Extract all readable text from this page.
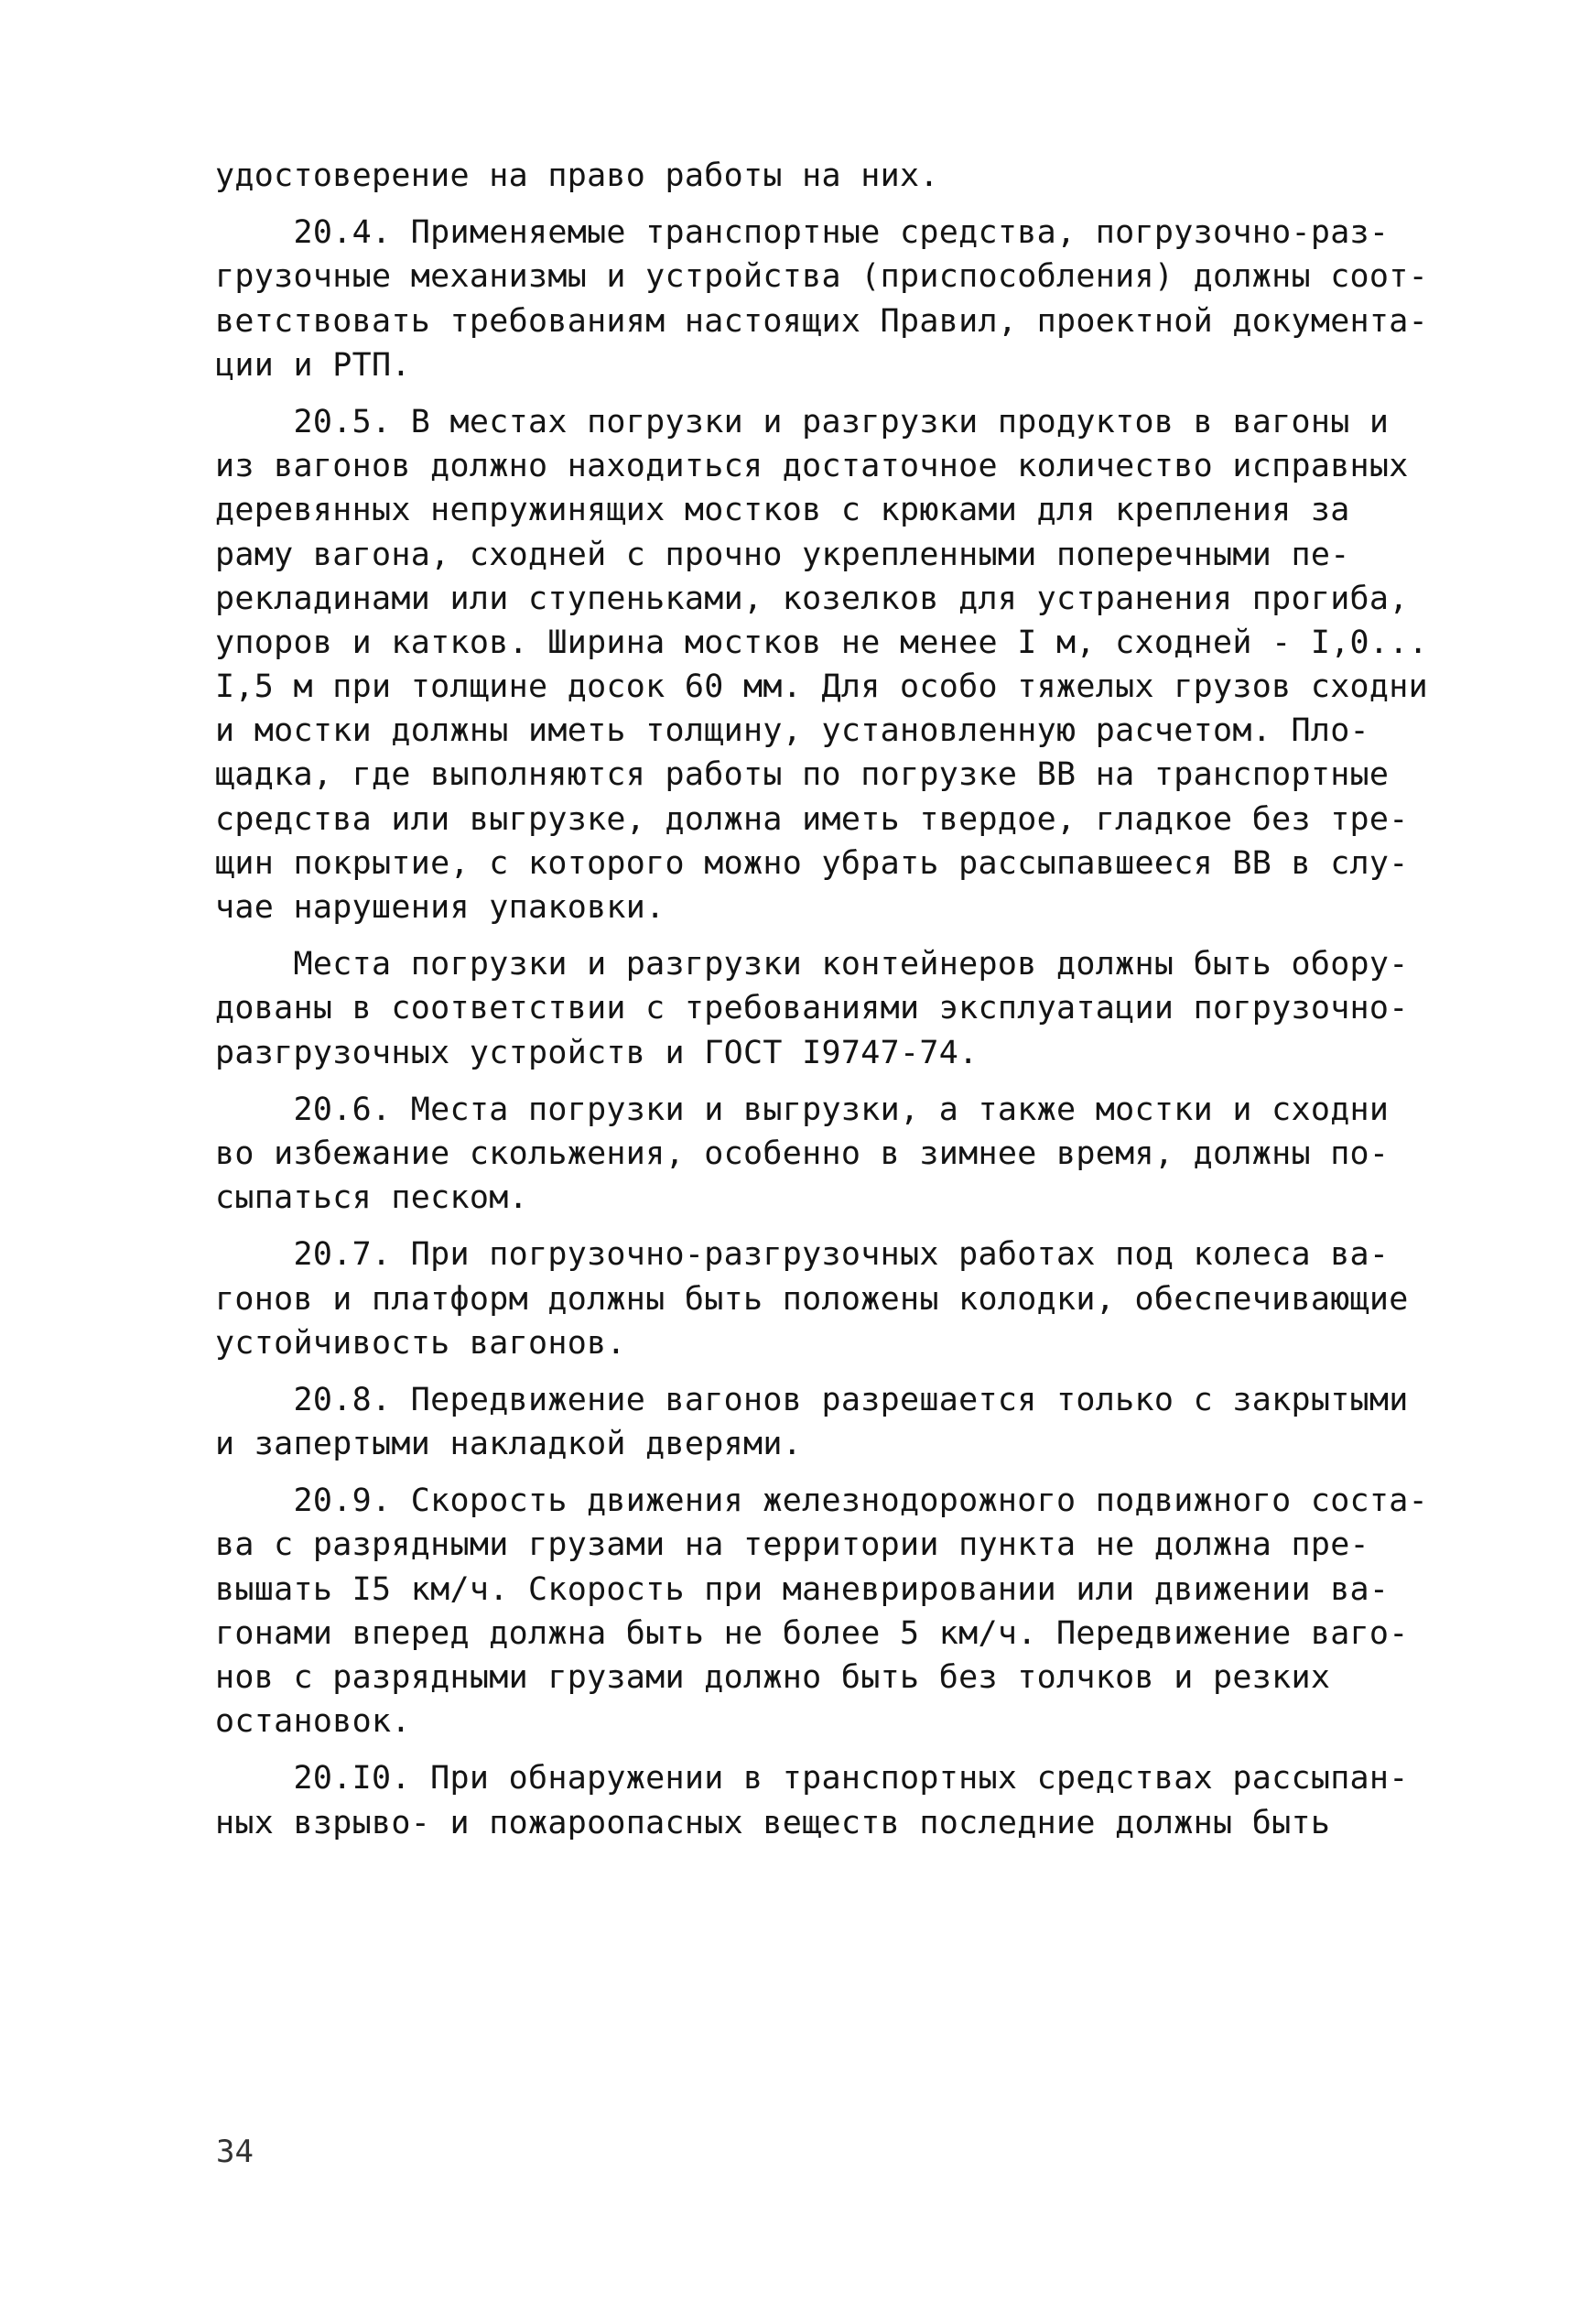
удостоверение на право работы на них.
20.4. Применяемые транспортные средства, погрузочно-раз-
грузочные механизмы и устройства (приспособления) должны соот-
ветствовать требованиям настоящих Правил, проектной документа-
ции и РТП.
20.5. В местах погрузки и разгрузки продуктов в вагоны и
из вагонов должно находиться достаточное количество исправных
деревянных непружинящих мостков с крюками для крепления за
раму вагона, сходней с прочно укрепленными поперечными пе-
рекладинами или ступеньками, козелков для устранения прогиба,
упоров и катков. Ширина мостков не менее I м, сходней - I,0...
I,5 м при толщине досок 60 мм. Для особо тяжелых грузов сходни
и мостки должны иметь толщину, установленную расчетом. Пло-
щадка, где выполняются работы по погрузке ВВ на транспортные
средства или выгрузке, должна иметь твердое, гладкое без тре-
щин покрытие, с которого можно убрать рассыпавшееся ВВ в слу-
чае нарушения упаковки.
Места погрузки и разгрузки контейнеров должны быть обору-
дованы в соответствии с требованиями эксплуатации погрузочно-
разгрузочных устройств и ГОСТ I9747-74.
20.6. Места погрузки и выгрузки, а также мостки и сходни
во избежание скольжения, особенно в зимнее время, должны по-
сыпаться песком.
20.7. При погрузочно-разгрузочных работах под колеса ва-
гонов и платформ должны быть положены колодки, обеспечивающие
устойчивость вагонов.
20.8. Передвижение вагонов разрешается только с закрытыми
и запертыми накладкой дверями.
20.9. Скорость движения железнодорожного подвижного соста-
ва с разрядными грузами на территории пункта не должна пре-
вышать I5 км/ч. Скорость при маневрировании или движении ва-
гонами вперед должна быть не более 5 км/ч. Передвижение ваго-
нов с разрядными грузами должно быть без толчков и резких
остановок.
20.I0. При обнаружении в транспортных средствах рассыпан-
ных взрыво- и пожароопасных веществ последние должны быть
34
